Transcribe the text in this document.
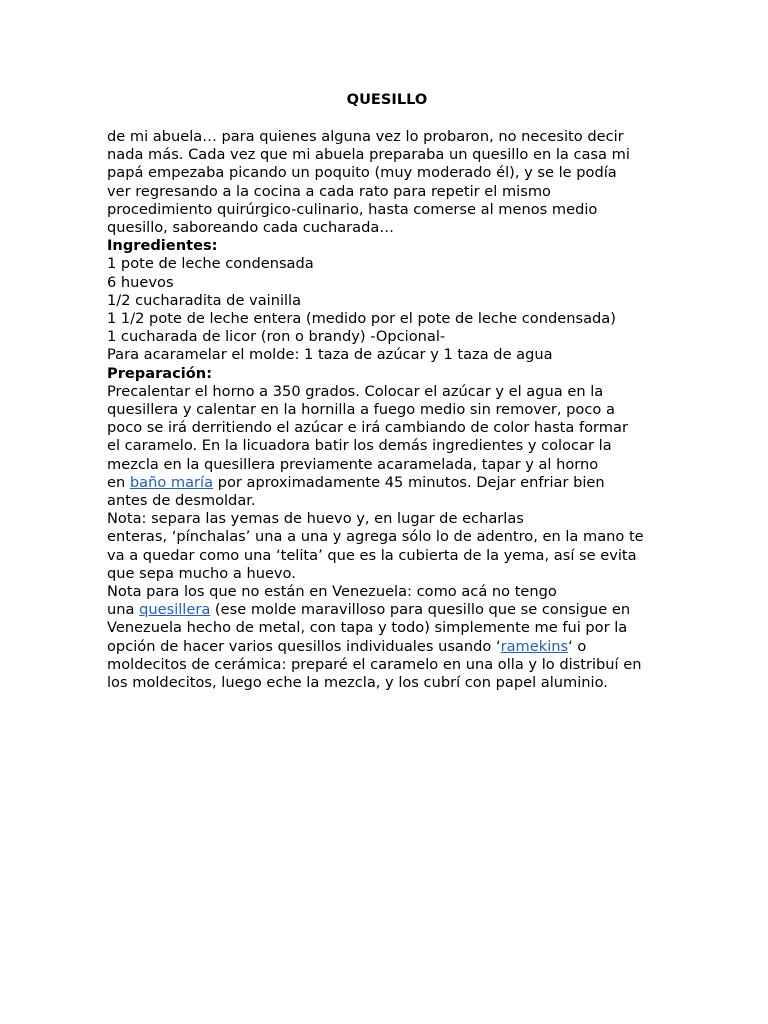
QUESILLO
de mi abuela… para quienes alguna vez lo probaron, no necesito decir
nada más. Cada vez que mi abuela preparaba un quesillo en la casa mi
papá empezaba picando un poquito (muy moderado él), y se le podía
ver regresando a la cocina a cada rato para repetir el mismo
procedimiento quirúrgico-culinario, hasta comerse al menos medio
quesillo, saboreando cada cucharada…
Ingredientes:
1 pote de leche condensada
6 huevos
1/2 cucharadita de vainilla
1 1/2 pote de leche entera (medido por el pote de leche condensada)
1 cucharada de licor (ron o brandy) -Opcional-
Para acaramelar el molde: 1 taza de azúcar y 1 taza de agua
Preparación:
Precalentar el horno a 350 grados. Colocar el azúcar y el agua en la
quesillera y calentar en la hornilla a fuego medio sin remover, poco a
poco se irá derritiendo el azúcar e irá cambiando de color hasta formar
el caramelo. En la licuadora batir los demás ingredientes y colocar la
mezcla en la quesillera previamente acaramelada, tapar y al horno
en baño maría por aproximadamente 45 minutos. Dejar enfriar bien
antes de desmoldar.
Nota: separa las yemas de huevo y, en lugar de echarlas
enteras, ‘pínchalas’ una a una y agrega sólo lo de adentro, en la mano te
va a quedar como una ‘telita’ que es la cubierta de la yema, así se evita
que sepa mucho a huevo.
Nota para los que no están en Venezuela: como acá no tengo
una quesillera (ese molde maravilloso para quesillo que se consigue en
Venezuela hecho de metal, con tapa y todo) simplemente me fui por la
opción de hacer varios quesillos individuales usando ‘ramekins‘ o
moldecitos de cerámica: preparé el caramelo en una olla y lo distribuí en
los moldecitos, luego eche la mezcla, y los cubrí con papel aluminio.
